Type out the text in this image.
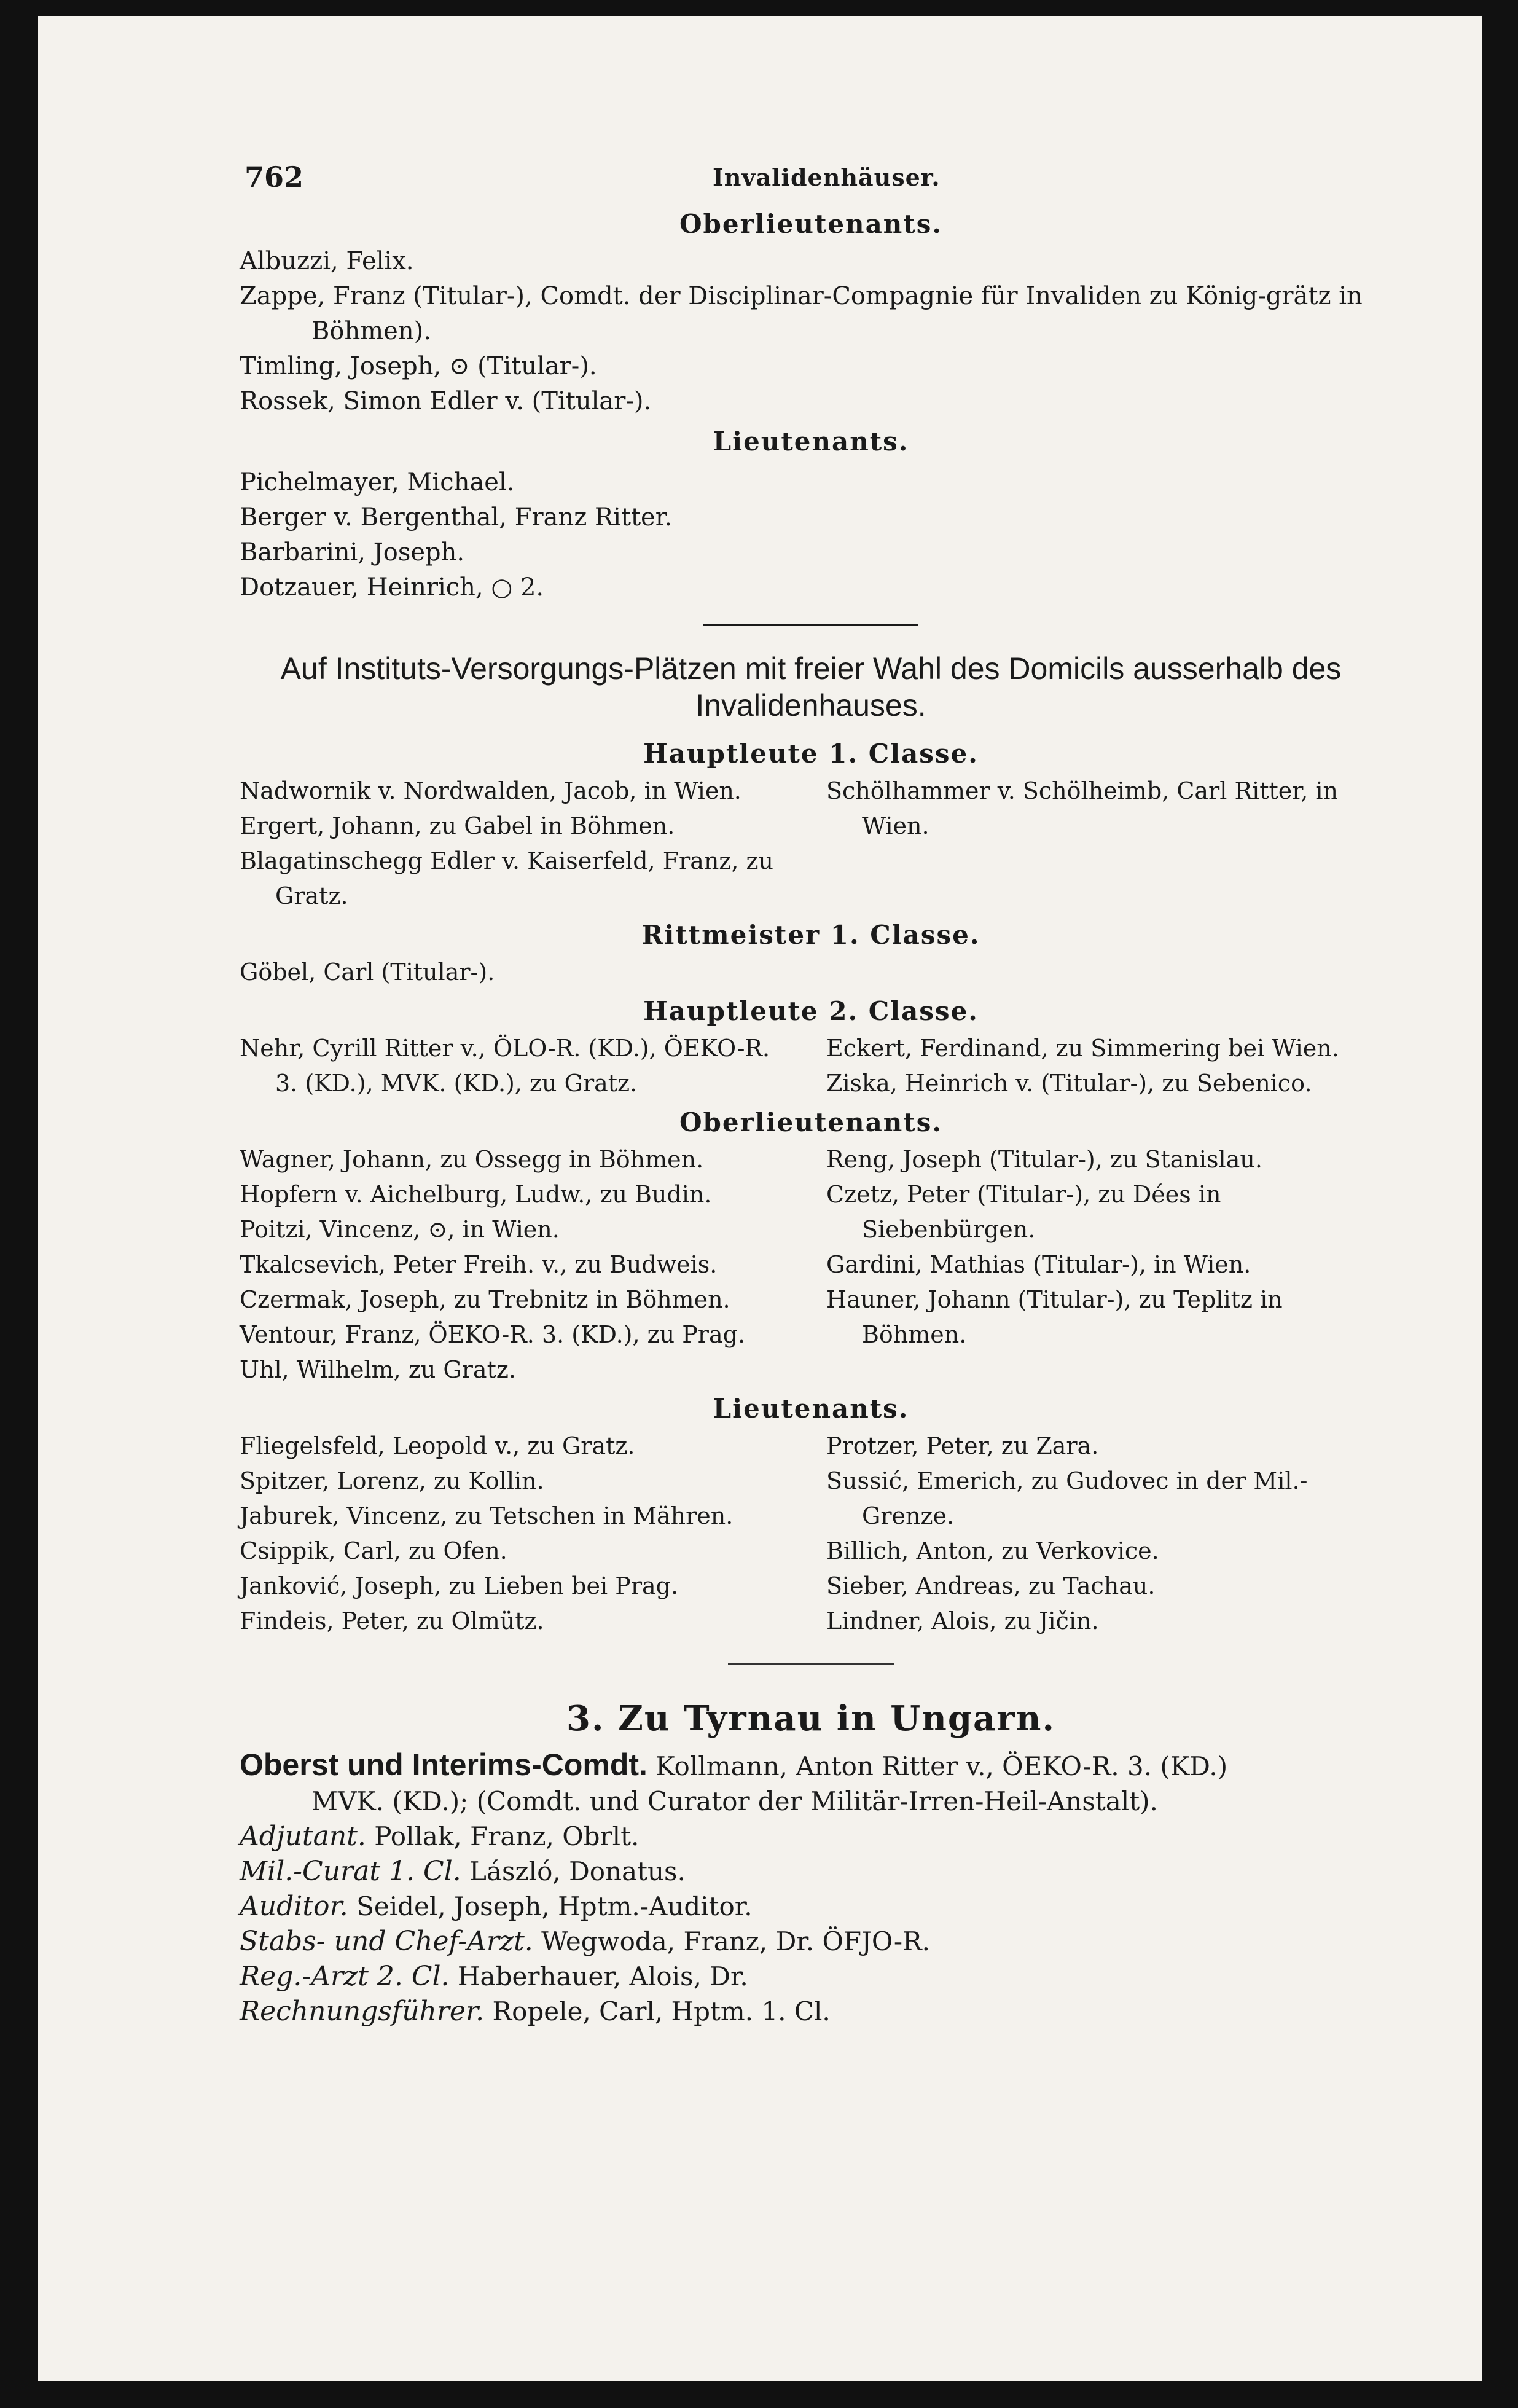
762	Invalidenhäuser.
Oberlieutenants.

Albuzzi, Felix.

Zappe, Franz (Titular-), Comdt. der Disciplinar-Compagnie für Invaliden zu König-grätz in Böhmen).

Timling, Joseph, ⊙ (Titular-).

Rossek, Simon Edler v. (Titular-).

Lieutenants.

Pichelmayer, Michael.

Berger v. Bergenthal, Franz Ritter.

Barbarini, Joseph.

Dotzauer, Heinrich, ○ 2.

Auf Instituts-Versorgungs-Plätzen mit freier Wahl des Domicils ausserhalb des
Invalidenhauses.
Hauptleute 1. Classe.

Nadwornik v. Nordwalden, Jacob, in Wien.

Ergert, Johann, zu Gabel in Böhmen.

Blagatinschegg Edler v. Kaiserfeld, Franz, zu Gratz.

Schölhammer v. Schölheimb, Carl Ritter, in Wien.

Rittmeister 1. Classe.

Göbel, Carl (Titular-).

Hauptleute 2. Classe.

Nehr, Cyrill Ritter v., ÖLO-R. (KD.), ÖEKO-R. 3. (KD.), MVK. (KD.), zu Gratz.

Eckert, Ferdinand, zu Simmering bei Wien.

Ziska, Heinrich v. (Titular-), zu Sebenico.

Oberlieutenants.

Wagner, Johann, zu Ossegg in Böhmen.

Hopfern v. Aichelburg, Ludw., zu Budin.

Poitzi, Vincenz, ⊙, in Wien.

Tkalcsevich, Peter Freih. v., zu Budweis.

Czermak, Joseph, zu Trebnitz in Böhmen.

Ventour, Franz, ÖEKO-R. 3. (KD.), zu Prag.

Uhl, Wilhelm, zu Gratz.

Reng, Joseph (Titular-), zu Stanislau.

Czetz, Peter (Titular-), zu Dées in Siebenbürgen.

Gardini, Mathias (Titular-), in Wien.

Hauner, Johann (Titular-), zu Teplitz in Böhmen.

Lieutenants.

Fliegelsfeld, Leopold v., zu Gratz.

Spitzer, Lorenz, zu Kollin.

Jaburek, Vincenz, zu Tetschen in Mähren.

Csippik, Carl, zu Ofen.

Janković, Joseph, zu Lieben bei Prag.

Findeis, Peter, zu Olmütz.

Protzer, Peter, zu Zara.

Sussić, Emerich, zu Gudovec in der Mil.-Grenze.

Billich, Anton, zu Verkovice.

Sieber, Andreas, zu Tachau.

Lindner, Alois, zu Jičin.

3. Zu Tyrnau in Ungarn.

Oberst und Interims-Comdt. Kollmann, Anton Ritter v., ÖEKO-R. 3. (KD.)

MVK. (KD.); (Comdt. und Curator der Militär-Irren-Heil-Anstalt).

Adjutant. Pollak, Franz, Obrlt.

Mil.-Curat 1. Cl. László, Donatus.

Auditor. Seidel, Joseph, Hptm.-Auditor.

Stabs- und Chef-Arzt. Wegwoda, Franz, Dr. ÖFJO-R.

Reg.-Arzt 2. Cl. Haberhauer, Alois, Dr.

Rechnungsführer. Ropele, Carl, Hptm. 1. Cl.
